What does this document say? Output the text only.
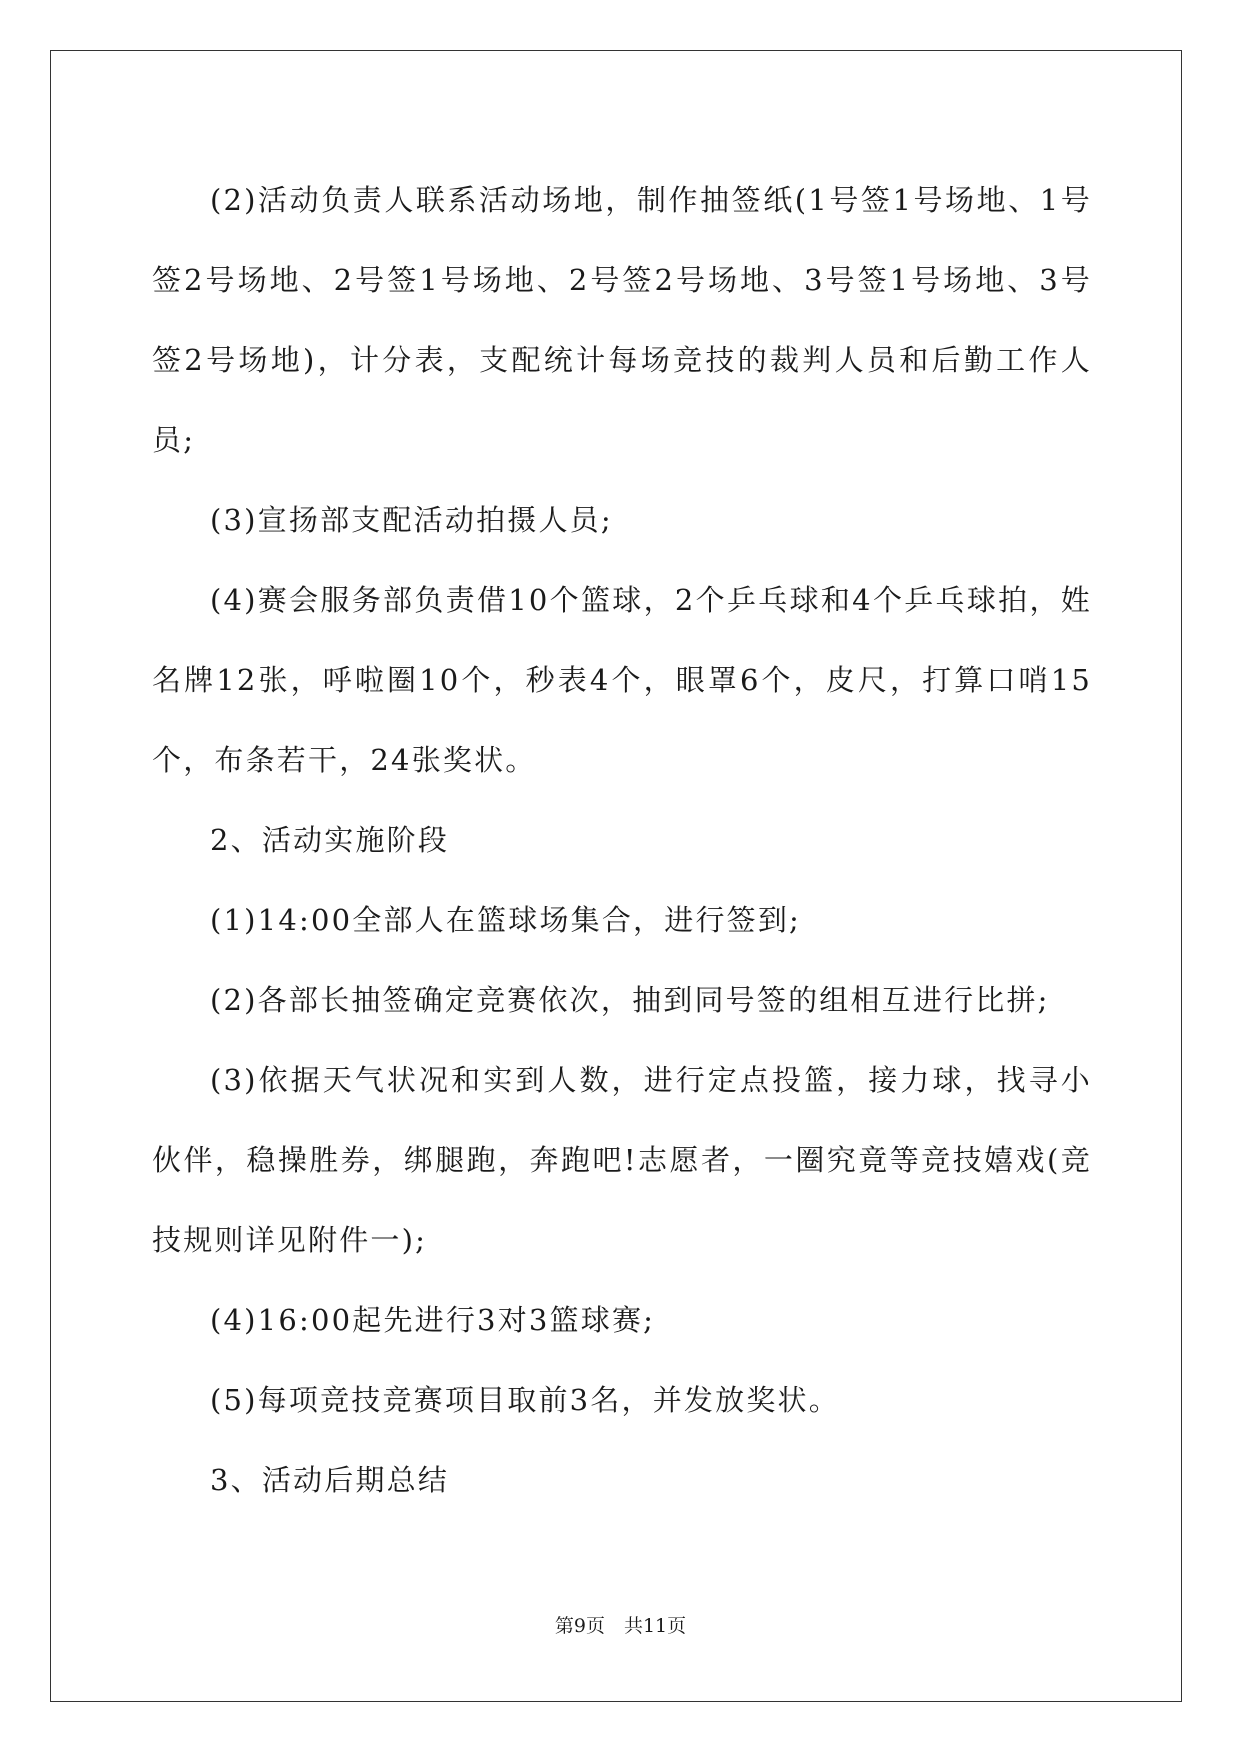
(2)活动负责人联系活动场地，制作抽签纸(1号签1号场地、1号签2号场地、2号签1号场地、2号签2号场地、3号签1号场地、3号签2号场地)，计分表，支配统计每场竞技的裁判人员和后勤工作人员;

(3)宣扬部支配活动拍摄人员;

(4)赛会服务部负责借10个篮球，2个乒乓球和4个乒乓球拍，姓名牌12张，呼啦圈10个，秒表4个，眼罩6个，皮尺，打算口哨15个，布条若干，24张奖状。

2、活动实施阶段

(1)14:00全部人在篮球场集合，进行签到;

(2)各部长抽签确定竞赛依次，抽到同号签的组相互进行比拼;

(3)依据天气状况和实到人数，进行定点投篮，接力球，找寻小伙伴，稳操胜券，绑腿跑，奔跑吧!志愿者，一圈究竟等竞技嬉戏(竞技规则详见附件一);

(4)16:00起先进行3对3篮球赛;

(5)每项竞技竞赛项目取前3名，并发放奖状。

3、活动后期总结

第9页　共11页
